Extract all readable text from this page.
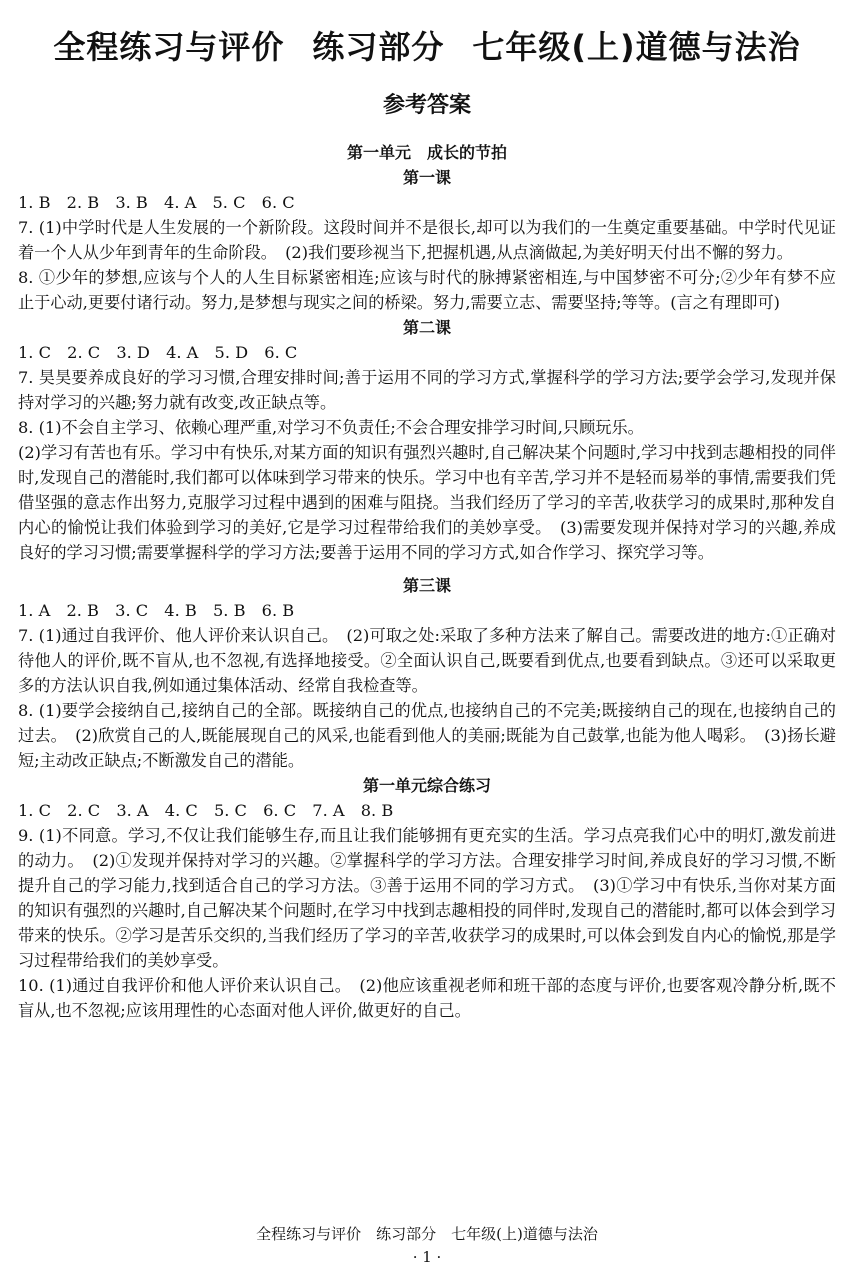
全程练习与评价 练习部分 七年级(上)道德与法治
参考答案
第一单元　成长的节拍
第一课

1. B　2. B　3. B　4. A　5. C　6. C

7. (1)中学时代是人生发展的一个新阶段。这段时间并不是很长,却可以为我们的一生奠定重要基础。中学时代见证着一个人从少年到青年的生命阶段。　(2)我们要珍视当下,把握机遇,从点滴做起,为美好明天付出不懈的努力。

8. ①少年的梦想,应该与个人的人生目标紧密相连;应该与时代的脉搏紧密相连,与中国梦密不可分;②少年有梦不应止于心动,更要付诸行动。努力,是梦想与现实之间的桥梁。努力,需要立志、需要坚持;等等。(言之有理即可)

第二课

1. C　2. C　3. D　4. A　5. D　6. C

7. 昊昊要养成良好的学习习惯,合理安排时间;善于运用不同的学习方式,掌握科学的学习方法;要学会学习,发现并保持对学习的兴趣;努力就有改变,改正缺点等。

8. (1)不会自主学习、依赖心理严重,对学习不负责任;不会合理安排学习时间,只顾玩乐。

(2)学习有苦也有乐。学习中有快乐,对某方面的知识有强烈兴趣时,自己解决某个问题时,学习中找到志趣相投的同伴时,发现自己的潜能时,我们都可以体味到学习带来的快乐。学习中也有辛苦,学习并不是轻而易举的事情,需要我们凭借坚强的意志作出努力,克服学习过程中遇到的困难与阻挠。当我们经历了学习的辛苦,收获学习的成果时,那种发自内心的愉悦让我们体验到学习的美好,它是学习过程带给我们的美妙享受。　(3)需要发现并保持对学习的兴趣,养成良好的学习习惯;需要掌握科学的学习方法;要善于运用不同的学习方式,如合作学习、探究学习等。

第三课

1. A　2. B　3. C　4. B　5. B　6. B

7. (1)通过自我评价、他人评价来认识自己。　(2)可取之处:采取了多种方法来了解自己。需要改进的地方:①正确对待他人的评价,既不盲从,也不忽视,有选择地接受。②全面认识自己,既要看到优点,也要看到缺点。③还可以采取更多的方法认识自我,例如通过集体活动、经常自我检查等。

8. (1)要学会接纳自己,接纳自己的全部。既接纳自己的优点,也接纳自己的不完美;既接纳自己的现在,也接纳自己的过去。　(2)欣赏自己的人,既能展现自己的风采,也能看到他人的美丽;既能为自己鼓掌,也能为他人喝彩。　(3)扬长避短;主动改正缺点;不断激发自己的潜能。

第一单元综合练习

1. C　2. C　3. A　4. C　5. C　6. C　7. A　8. B

9. (1)不同意。学习,不仅让我们能够生存,而且让我们能够拥有更充实的生活。学习点亮我们心中的明灯,激发前进的动力。　(2)①发现并保持对学习的兴趣。②掌握科学的学习方法。合理安排学习时间,养成良好的学习习惯,不断提升自己的学习能力,找到适合自己的学习方法。③善于运用不同的学习方式。　(3)①学习中有快乐,当你对某方面的知识有强烈的兴趣时,自己解决某个问题时,在学习中找到志趣相投的同伴时,发现自己的潜能时,都可以体会到学习带来的快乐。②学习是苦乐交织的,当我们经历了学习的辛苦,收获学习的成果时,可以体会到发自内心的愉悦,那是学习过程带给我们的美妙享受。

10. (1)通过自我评价和他人评价来认识自己。　(2)他应该重视老师和班干部的态度与评价,也要客观冷静分析,既不盲从,也不忽视;应该用理性的心态面对他人评价,做更好的自己。

全程练习与评价　练习部分　七年级(上)道德与法治
· 1 ·
